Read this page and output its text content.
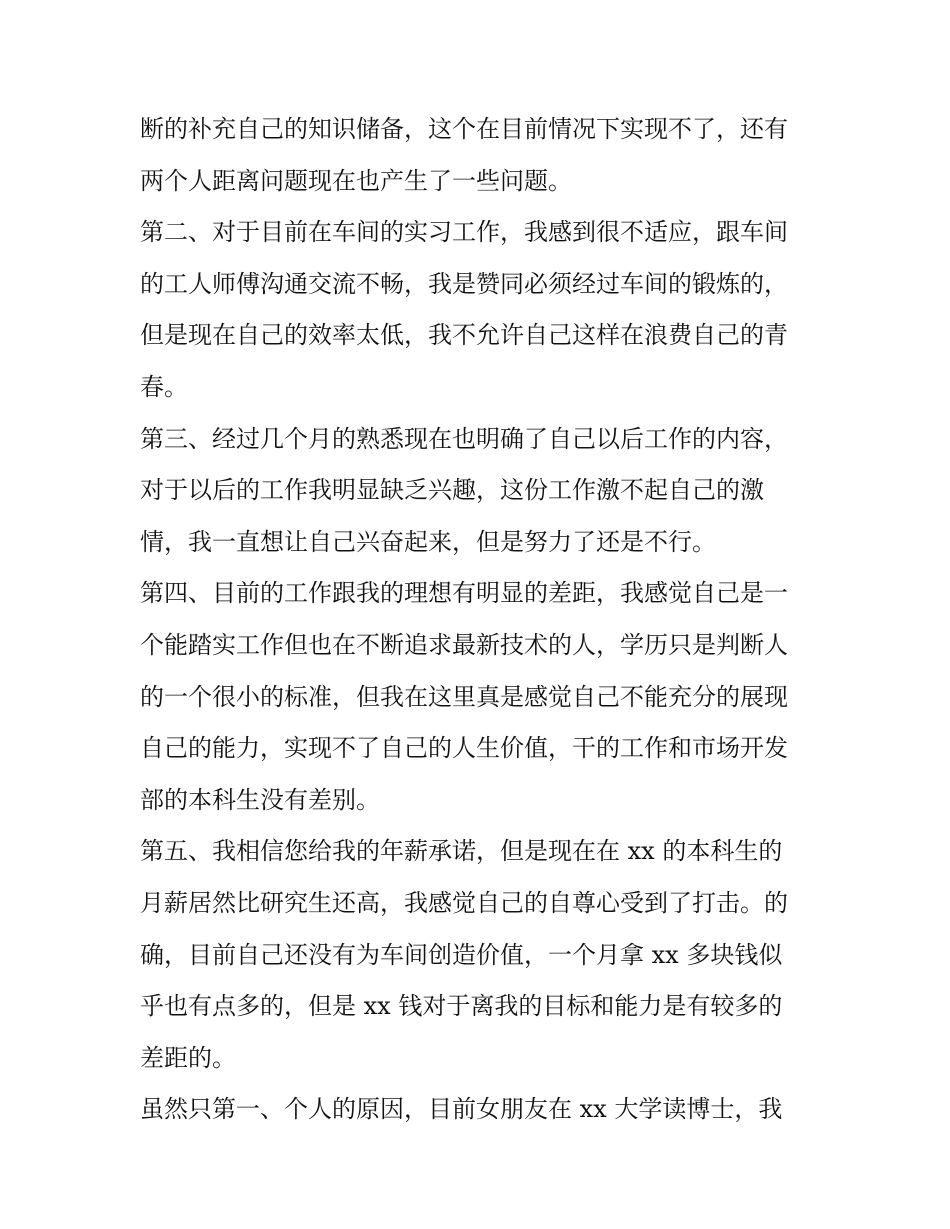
断的补充自己的知识储备，这个在目前情况下实现不了，还有
两个人距离问题现在也产生了一些问题。
第二、对于目前在车间的实习工作，我感到很不适应，跟车间
的工人师傅沟通交流不畅，我是赞同必须经过车间的锻炼的，
但是现在自己的效率太低，我不允许自己这样在浪费自己的青
春。
第三、经过几个月的熟悉现在也明确了自己以后工作的内容，
对于以后的工作我明显缺乏兴趣，这份工作激不起自己的激
情，我一直想让自己兴奋起来，但是努力了还是不行。
第四、目前的工作跟我的理想有明显的差距，我感觉自己是一
个能踏实工作但也在不断追求最新技术的人，学历只是判断人
的一个很小的标准，但我在这里真是感觉自己不能充分的展现
自己的能力，实现不了自己的人生价值，干的工作和市场开发
部的本科生没有差别。
第五、我相信您给我的年薪承诺，但是现在在 xx 的本科生的
月薪居然比研究生还高，我感觉自己的自尊心受到了打击。的
确，目前自己还没有为车间创造价值，一个月拿 xx 多块钱似
乎也有点多的，但是 xx 钱对于离我的目标和能力是有较多的
差距的。
虽然只第一、个人的原因，目前女朋友在 xx 大学读博士，我
